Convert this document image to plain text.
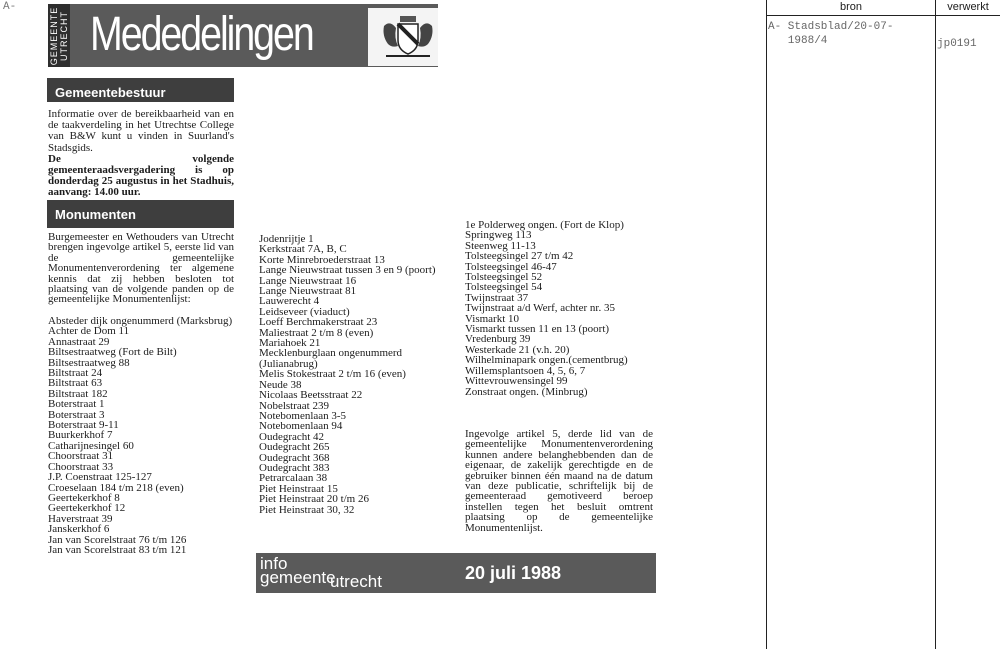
A-	GEMEENTE
UTRECHT Mededelingen
Gemeentebestuur

Informatie over de bereikbaarheid van en de taakverdeling in het Utrechtse College van B&W kunt u vinden in Suurland's Stadsgids.
De volgende gemeenteraadsvergadering is op donderdag 25 augustus in het Stadhuis, aanvang: 14.00 uur.

Monumenten

Burgemeester en Wethouders van Utrecht brengen ingevolge artikel 5, eerste lid van de gemeentelijke Monumentenverordening ter algemene kennis dat zij hebben besloten tot plaatsing van de volgende panden op de gemeentelijke Monumentenlijst:

Absteder dijk ongenummerd (Marksbrug)
Achter de Dom 11
Annastraat 29
Biltsestraatweg (Fort de Bilt)
Biltsestraatweg 88
Biltstraat 24
Biltstraat 63
Biltstraat 182
Boterstraat 1
Boterstraat 3
Boterstraat 9-11
Buurkerkhof 7
Catharijnesingel 60
Choorstraat 31
Choorstraat 33
J.P. Coenstraat 125-127
Croeselaan 184 t/m 218 (even)
Geertekerkhof 8
Geertekerkhof 12
Haverstraat 39
Janskerkhof 6
Jan van Scorelstraat 76 t/m 126
Jan van Scorelstraat 83 t/m 121
Jodenrijtje 1
Kerkstraat 7A, B, C
Korte Minrebroederstraat 13
Lange Nieuwstraat tussen 3 en 9 (poort)
Lange Nieuwstraat 16
Lange Nieuwstraat 81
Lauwerecht 4
Leidseveer (viaduct)
Loeff Berchmakerstraat 23
Maliestraat 2 t/m 8 (even)
Mariahoek 21
Mecklenburglaan ongenummerd (Julianabrug)
Melis Stokestraat 2 t/m 16 (even)
Neude 38
Nicolaas Beetsstraat 22
Nobelstraat 239
Notebomenlaan 3-5
Notebomenlaan 94
Oudegracht 42
Oudegracht 265
Oudegracht 368
Oudegracht 383
Petrarcalaan 38
Piet Heinstraat 15
Piet Heinstraat 20 t/m 26
Piet Heinstraat 30, 32
1e Polderweg ongen. (Fort de Klop)
Springweg 113
Steenweg 11-13
Tolsteegsingel 27 t/m 42
Tolsteegsingel 46-47
Tolsteegsingel 52
Tolsteegsingel 54
Twijnstraat 37
Twijnstraat a/d Werf, achter nr. 35
Vismarkt 10
Vismarkt tussen 11 en 13 (poort)
Vredenburg 39
Westerkade 21 (v.h. 20)
Wilhelminapark ongen.(cementbrug)
Willemsplantsoen 4, 5, 6, 7
Wittevrouwensingel 99
Zonstraat ongen. (Minbrug)

Ingevolge artikel 5, derde lid van de gemeentelijke Monumentenverordening kunnen andere belanghebbenden dan de eigenaar, de zakelijk gerechtigde en de gebruiker binnen één maand na de datum van deze publicatie, schriftelijk bij de gemeenteraad gemotiveerd beroep instellen tegen het besluit omtrent plaatsing op de gemeentelijke Monumentenlijst.

info
gemeente
utrecht	20 juli 1988
bron	verwerkt
A- Stadsblad/20-07-
1988/4	jp0191
